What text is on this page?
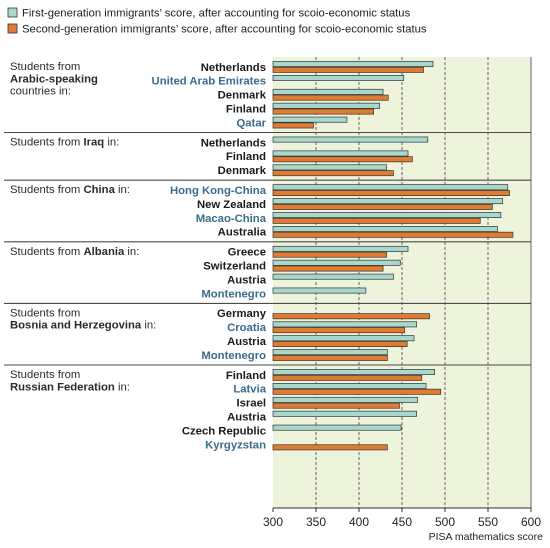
First-generation immigrants’ score, after accounting for scoio-economic status
Second-generation immigrants’ score, after accounting for scoio-economic status
Students from
Arabic-speaking
countries in:
Netherlands
United Arab Emirates
Denmark
Finland
Qatar
Students from Iraq in:	Netherlands
Finland
Denmark
Students from China in:	Hong Kong-China
New Zealand
Macao-China
Australia
Students from Albania in:	Greece
Switzerland
Austria
Montenegro
Students from
Bosnia and Herzegovina in:
Germany
Croatia
Austria
Montenegro
Students from
Russian Federation in:
Finland
Latvia
Israel
Austria
Czech Republic
Kyrgyzstan
300 350 400 450 500 550 600
PISA mathematics score
